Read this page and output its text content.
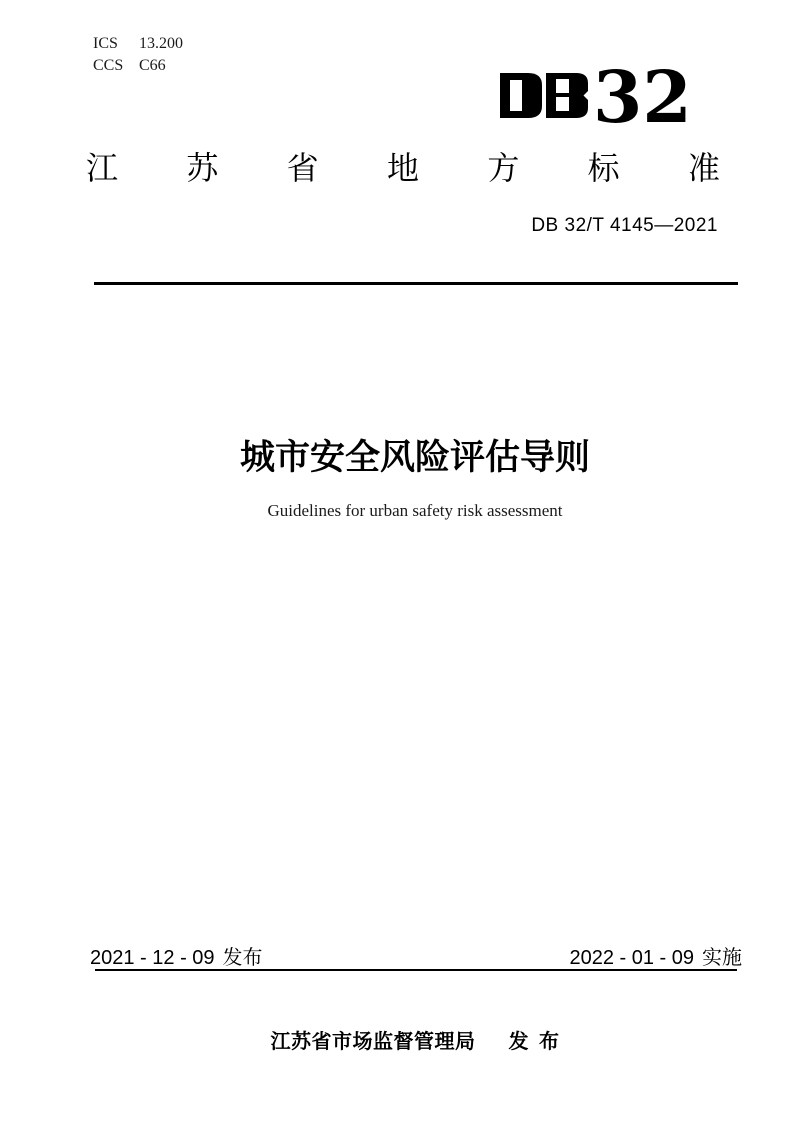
ICS 13.200
CCS C66	32
江 苏 省 地 方 标 准
DB 32/T 4145—2021
城市安全风险评估导则
Guidelines for urban safety risk assessment
2021 - 12 - 09 发布	2022 - 01 - 09 实施
江苏省市场监督管理局 发 布
